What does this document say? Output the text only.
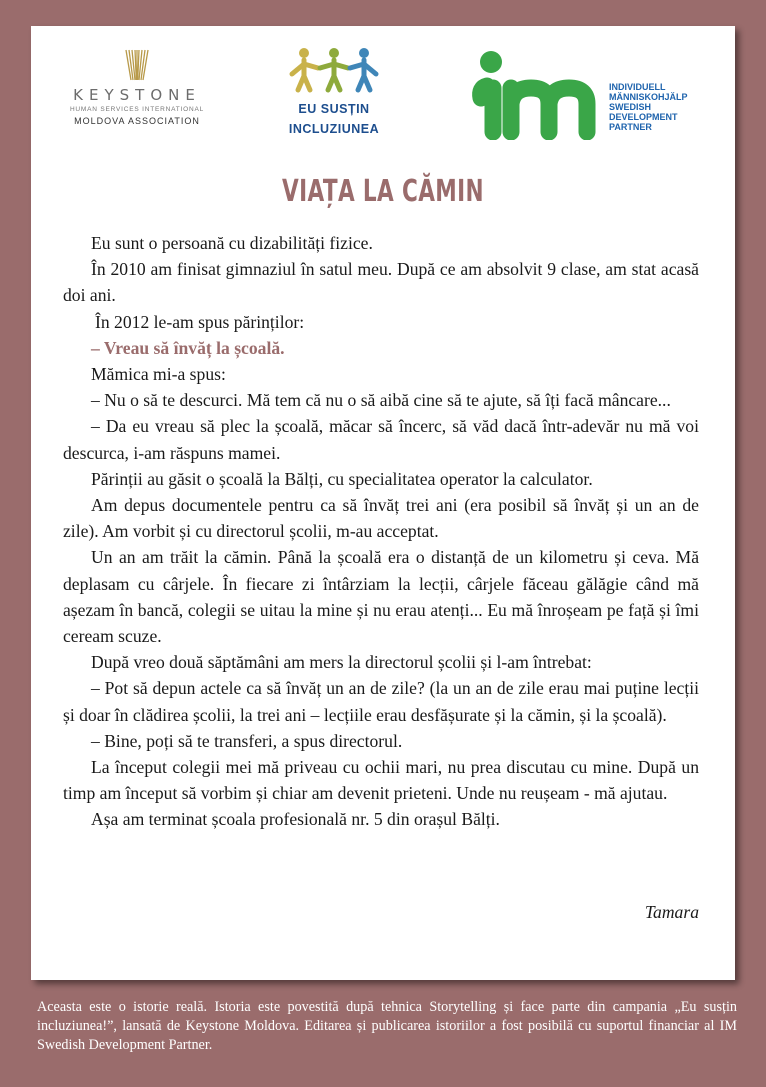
KEYSTONE
HUMAN SERVICES INTERNATIONAL
MOLDOVA ASSOCIATION
EU SUSȚIN
INCLUZIUNEA
INDIVIDUELL
MÄNNISKOHJÄLP
SWEDISH
DEVELOPMENT
PARTNER
VIAȚA LA CĂMIN

Eu sunt o persoană cu dizabilități fizice.

În 2010 am finisat gimnaziul în satul meu. După ce am absolvit 9 clase, am stat acasă doi ani.

În 2012 le-am spus părinților:

– Vreau să învăț la școală.

Mămica mi-a spus:

– Nu o să te descurci. Mă tem că nu o să aibă cine să te ajute, să îți facă mâncare...

– Da eu vreau să plec la școală, măcar să încerc, să văd dacă într-adevăr nu mă voi descurca, i-am răspuns mamei.

Părinții au găsit o școală la Bălți, cu specialitatea operator la calculator.

Am depus documentele pentru ca să învăț trei ani (era posibil să învăț și un an de zile). Am vorbit și cu directorul școlii, m-au acceptat.

Un an am trăit la cămin. Până la școală era o distanță de un kilometru și ceva. Mă deplasam cu cârjele. În fiecare zi întârziam la lecții, cârjele făceau gălăgie când mă așezam în bancă, colegii se uitau la mine și nu erau atenți... Eu mă înroșeam pe față și îmi ceream scuze.

După vreo două săptămâni am mers la directorul școlii și l-am întrebat:

– Pot să depun actele ca să învăț un an de zile? (la un an de zile erau mai puține lecții și doar în clădirea școlii, la trei ani – lecțiile erau desfășurate și la cămin, și la școală).

– Bine, poți să te transferi, a spus directorul.

La început colegii mei mă priveau cu ochii mari, nu prea discutau cu mine. După un timp am început să vorbim și chiar am devenit prieteni. Unde nu reușeam - mă ajutau.

Așa am terminat școala profesională nr. 5 din orașul Bălți.

Tamara
Aceasta este o istorie reală. Istoria este povestită după tehnica Storytelling și face parte din campania „Eu susțin incluziunea!”, lansată de Keystone Moldova. Editarea și publicarea istoriilor a fost posibilă cu suportul financiar al IM Swedish Development Partner.
